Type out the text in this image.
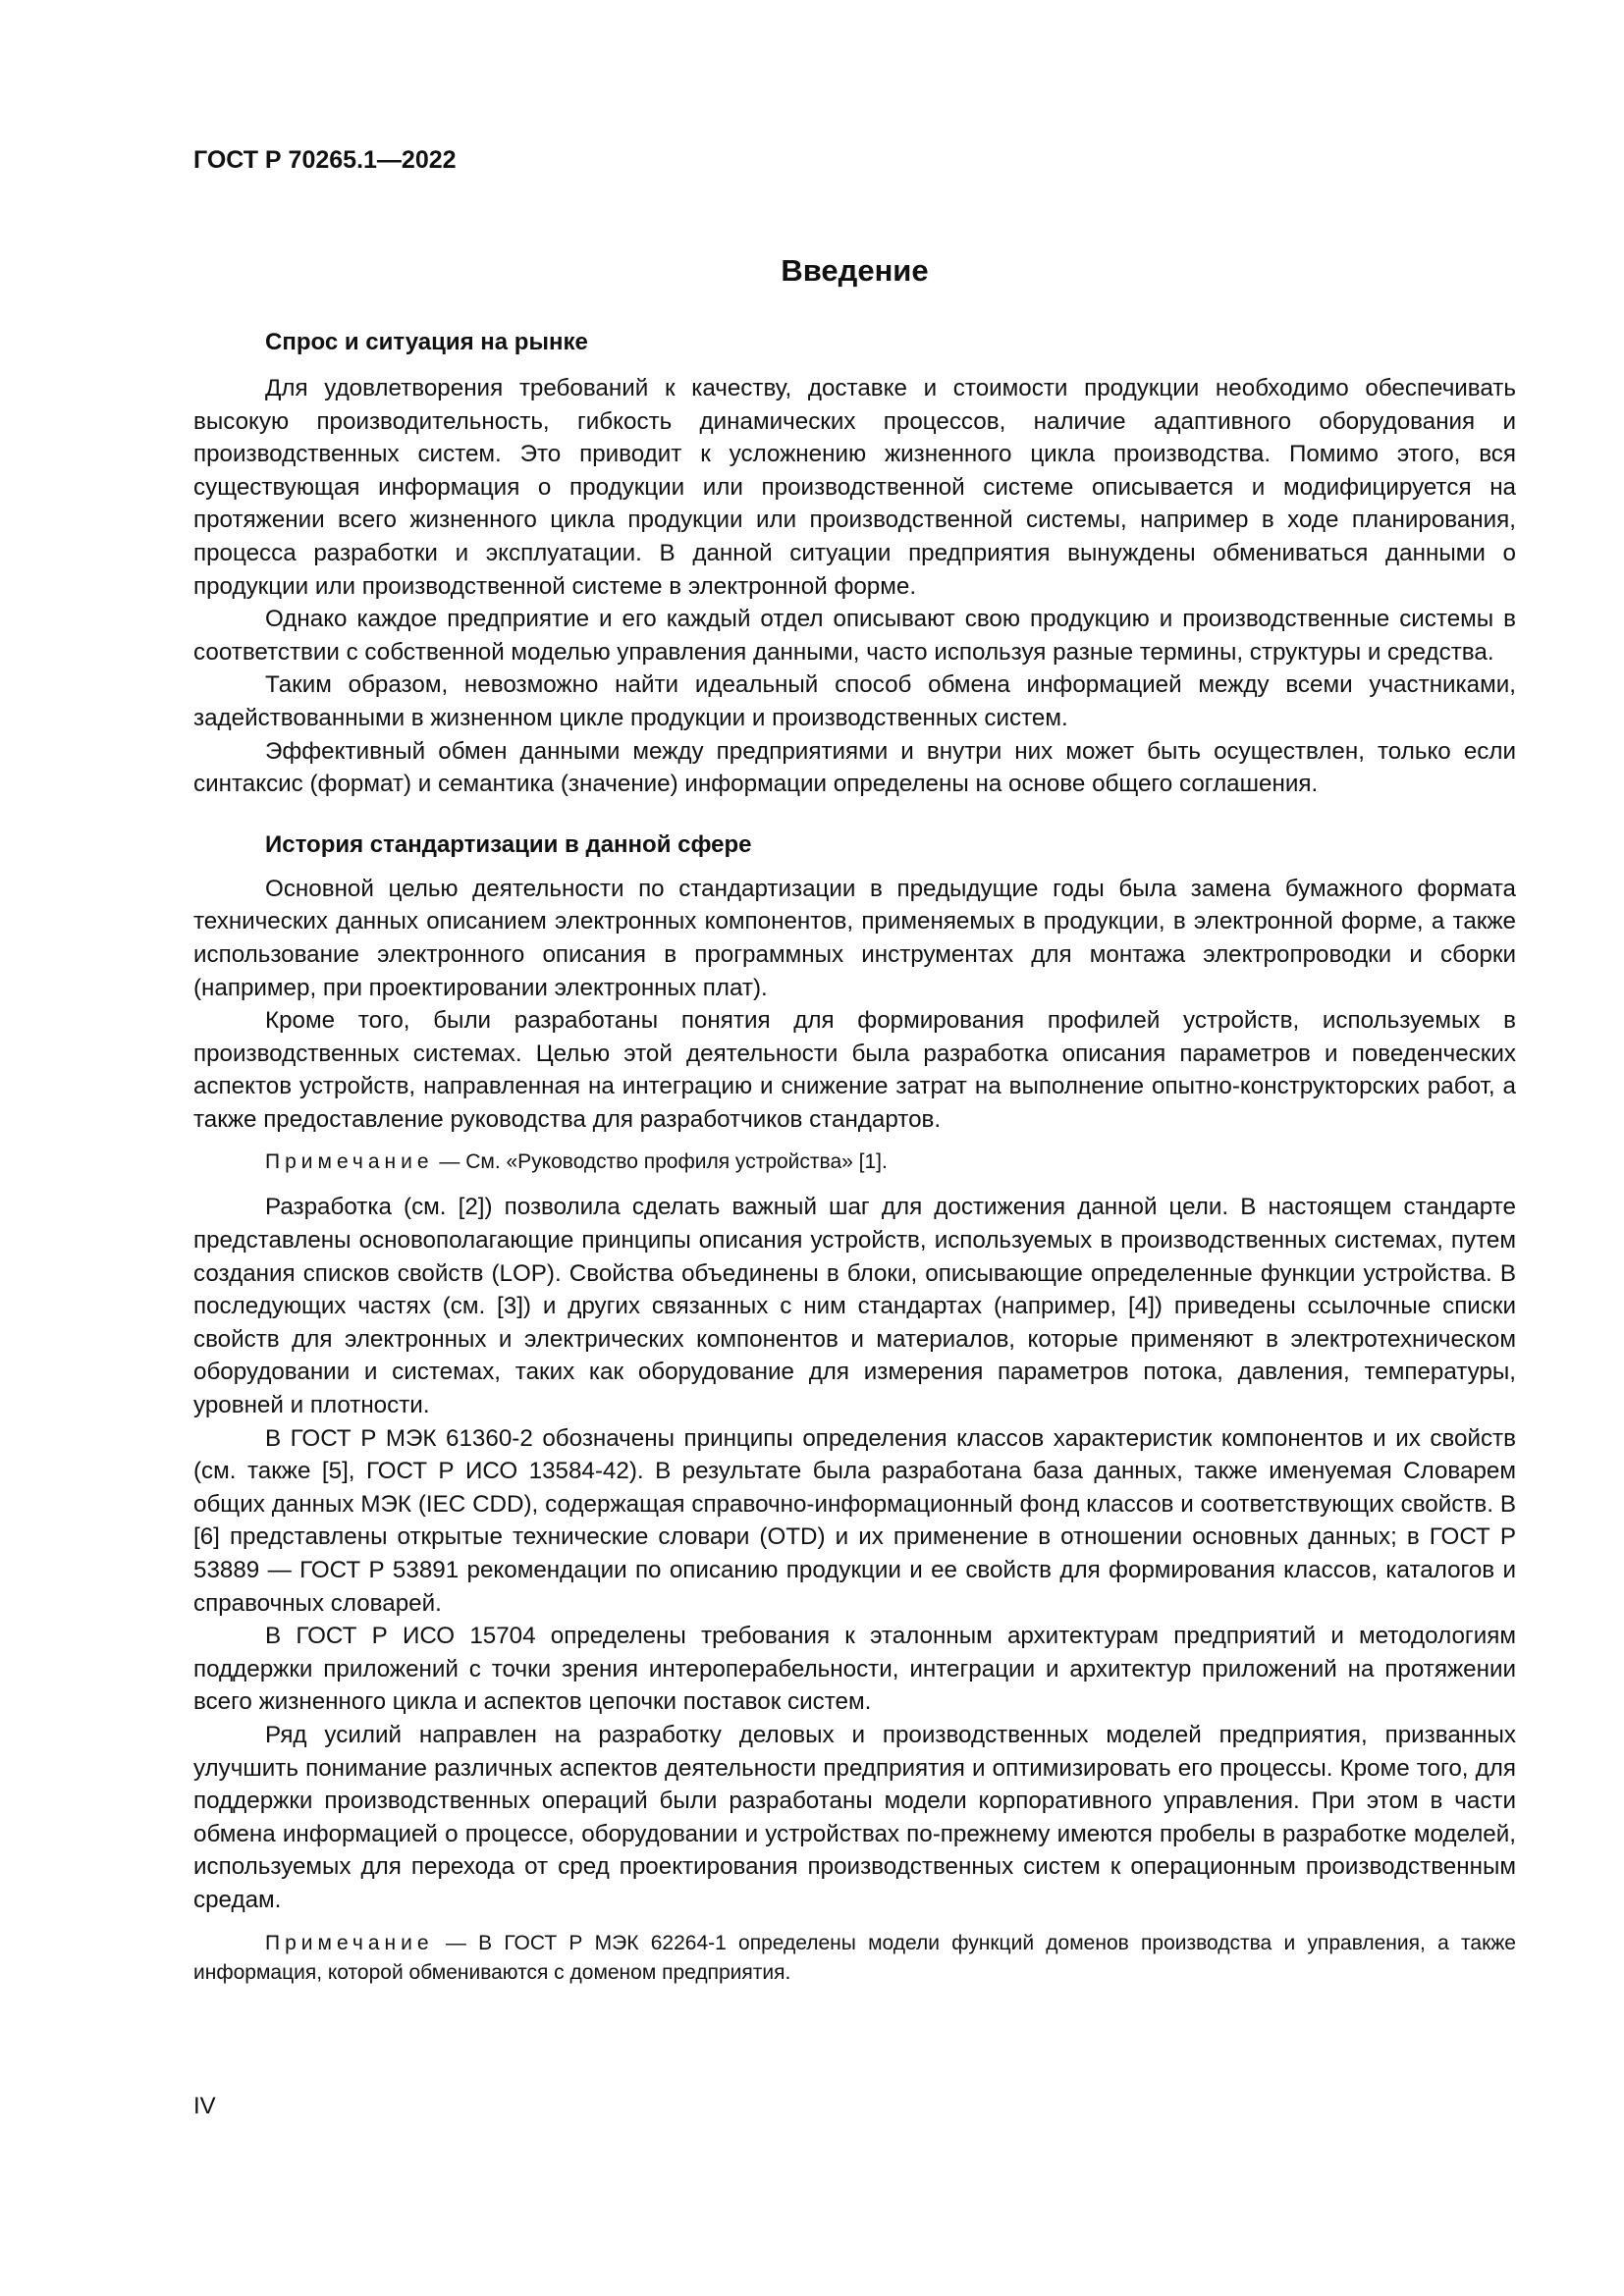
ГОСТ Р 70265.1—2022

Введение
Спрос и ситуация на рынке

Для удовлетворения требований к качеству, доставке и стоимости продукции необходимо обеспечивать высокую производительность, гибкость динамических процессов, наличие адаптивного оборудования и производственных систем. Это приводит к усложнению жизненного цикла производства. Помимо этого, вся существующая информация о продукции или производственной системе описывается и модифицируется на протяжении всего жизненного цикла продукции или производственной системы, например в ходе планирования, процесса разработки и эксплуатации. В данной ситуации предприятия вынуждены обмениваться данными о продукции или производственной системе в электронной форме.

Однако каждое предприятие и его каждый отдел описывают свою продукцию и производственные системы в соответствии с собственной моделью управления данными, часто используя разные термины, структуры и средства.

Таким образом, невозможно найти идеальный способ обмена информацией между всеми участниками, задействованными в жизненном цикле продукции и производственных систем.

Эффективный обмен данными между предприятиями и внутри них может быть осуществлен, только если синтаксис (формат) и семантика (значение) информации определены на основе общего соглашения.

История стандартизации в данной сфере

Основной целью деятельности по стандартизации в предыдущие годы была замена бумажного формата технических данных описанием электронных компонентов, применяемых в продукции, в электронной форме, а также использование электронного описания в программных инструментах для монтажа электропроводки и сборки (например, при проектировании электронных плат).

Кроме того, были разработаны понятия для формирования профилей устройств, используемых в производственных системах. Целью этой деятельности была разработка описания параметров и поведенческих аспектов устройств, направленная на интеграцию и снижение затрат на выполнение опытно-конструкторских работ, а также предоставление руководства для разработчиков стандартов.

Примечание — См. «Руководство профиля устройства» [1].

Разработка (см. [2]) позволила сделать важный шаг для достижения данной цели. В настоящем стандарте представлены основополагающие принципы описания устройств, используемых в производственных системах, путем создания списков свойств (LOP). Свойства объединены в блоки, описывающие определенные функции устройства. В последующих частях (см. [3]) и других связанных с ним стандартах (например, [4]) приведены ссылочные списки свойств для электронных и электрических компонентов и материалов, которые применяют в электротехническом оборудовании и системах, таких как оборудование для измерения параметров потока, давления, температуры, уровней и плотности.

В ГОСТ Р МЭК 61360-2 обозначены принципы определения классов характеристик компонентов и их свойств (см. также [5], ГОСТ Р ИСО 13584-42). В результате была разработана база данных, также именуемая Словарем общих данных МЭК (IEC CDD), содержащая справочно-информационный фонд классов и соответствующих свойств. В [6] представлены открытые технические словари (OTD) и их применение в отношении основных данных; в ГОСТ Р 53889 — ГОСТ Р 53891 рекомендации по описанию продукции и ее свойств для формирования классов, каталогов и справочных словарей.

В ГОСТ Р ИСО 15704 определены требования к эталонным архитектурам предприятий и методологиям поддержки приложений с точки зрения интероперабельности, интеграции и архитектур приложений на протяжении всего жизненного цикла и аспектов цепочки поставок систем.

Ряд усилий направлен на разработку деловых и производственных моделей предприятия, призванных улучшить понимание различных аспектов деятельности предприятия и оптимизировать его процессы. Кроме того, для поддержки производственных операций были разработаны модели корпоративного управления. При этом в части обмена информацией о процессе, оборудовании и устройствах по-прежнему имеются пробелы в разработке моделей, используемых для перехода от сред проектирования производственных систем к операционным производственным средам.

Примечание — В ГОСТ Р МЭК 62264-1 определены модели функций доменов производства и управления, а также информация, которой обмениваются с доменом предприятия.

IV
